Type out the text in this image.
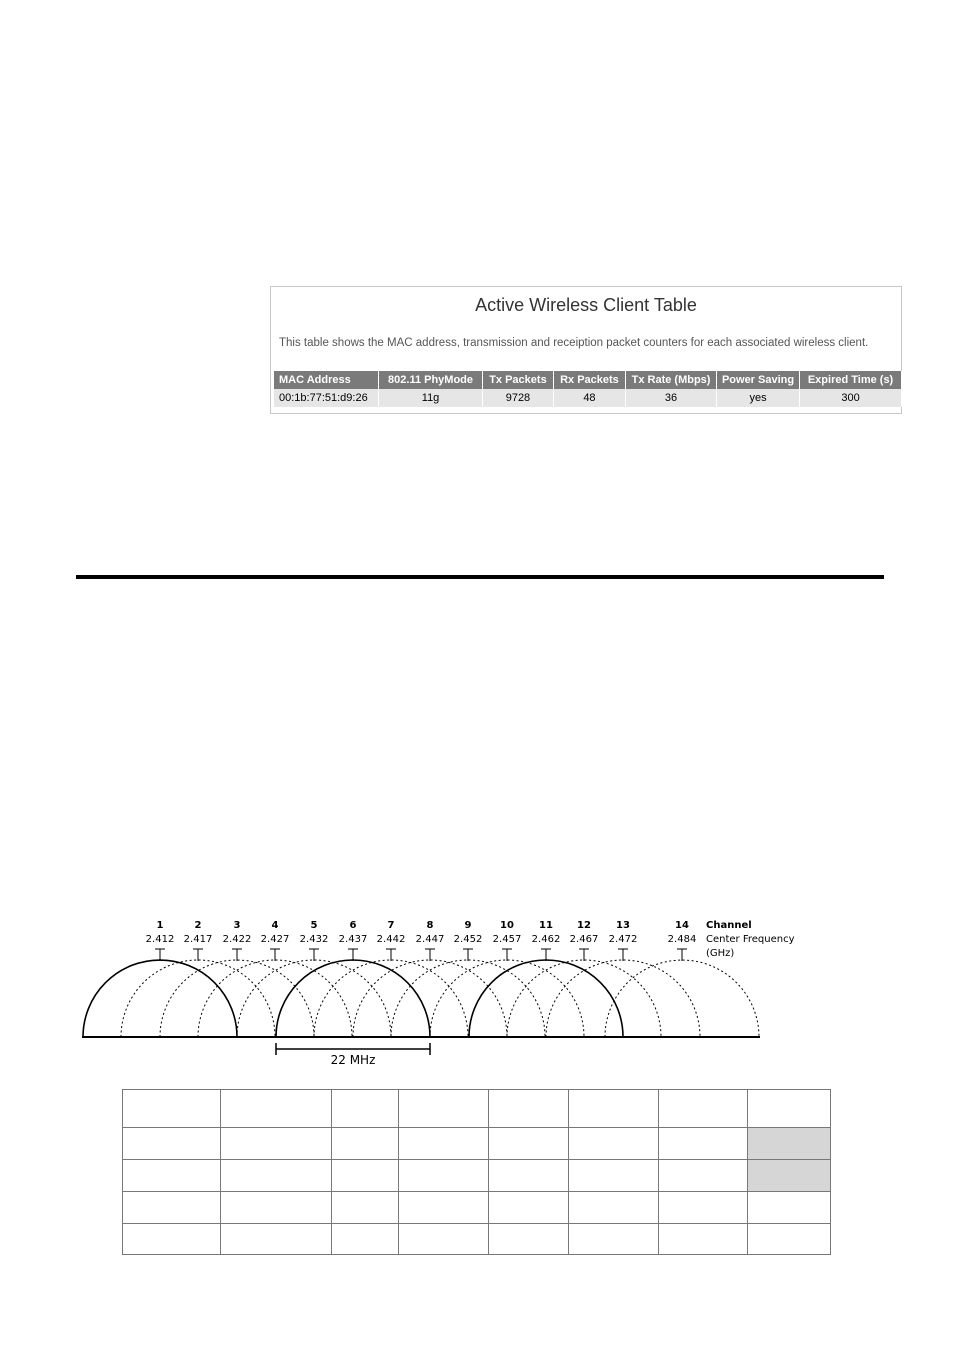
Active Wireless Client Table
This table shows the MAC address, transmission and receiption packet counters for each associated wireless client.
MAC Address	802.11 PhyMode	Tx Packets	Rx Packets	Tx Rate (Mbps)	Power Saving	Expired Time (s)
00:1b:77:51:d9:26	11g	9728	48	36	yes	300
1
2.412
2
2.417
3
2.422
4
2.427
5
2.432
6
2.437
7
2.442
8
2.447
9
2.452
10
2.457
11
2.462
12
2.467
13
2.472
14
2.484
Channel
Center Frequency
(GHz)
22 MHz
